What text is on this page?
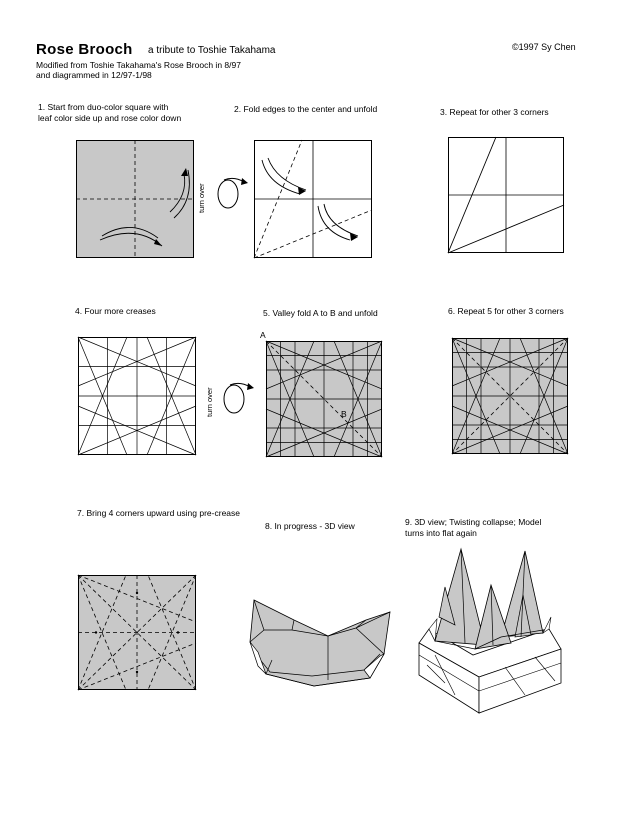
Rose Brooch a tribute to Toshie Takahama	©1997 Sy Chen
Modified from Toshie Takahama's Rose Brooch in 8/97
and diagrammed in 12/97-1/98
1. Start from duo-color square with
leaf color side up and rose color down
2. Fold edges to the center and unfold	3. Repeat for other 3 corners
4. Four more creases	5. Valley fold A to B and unfold	6. Repeat 5 for other 3 corners
7. Bring 4 corners upward using pre-crease
8. In progress - 3D view	9. 3D view; Twisting collapse; Model
turns into flat again
turn over
turn over
A
B
